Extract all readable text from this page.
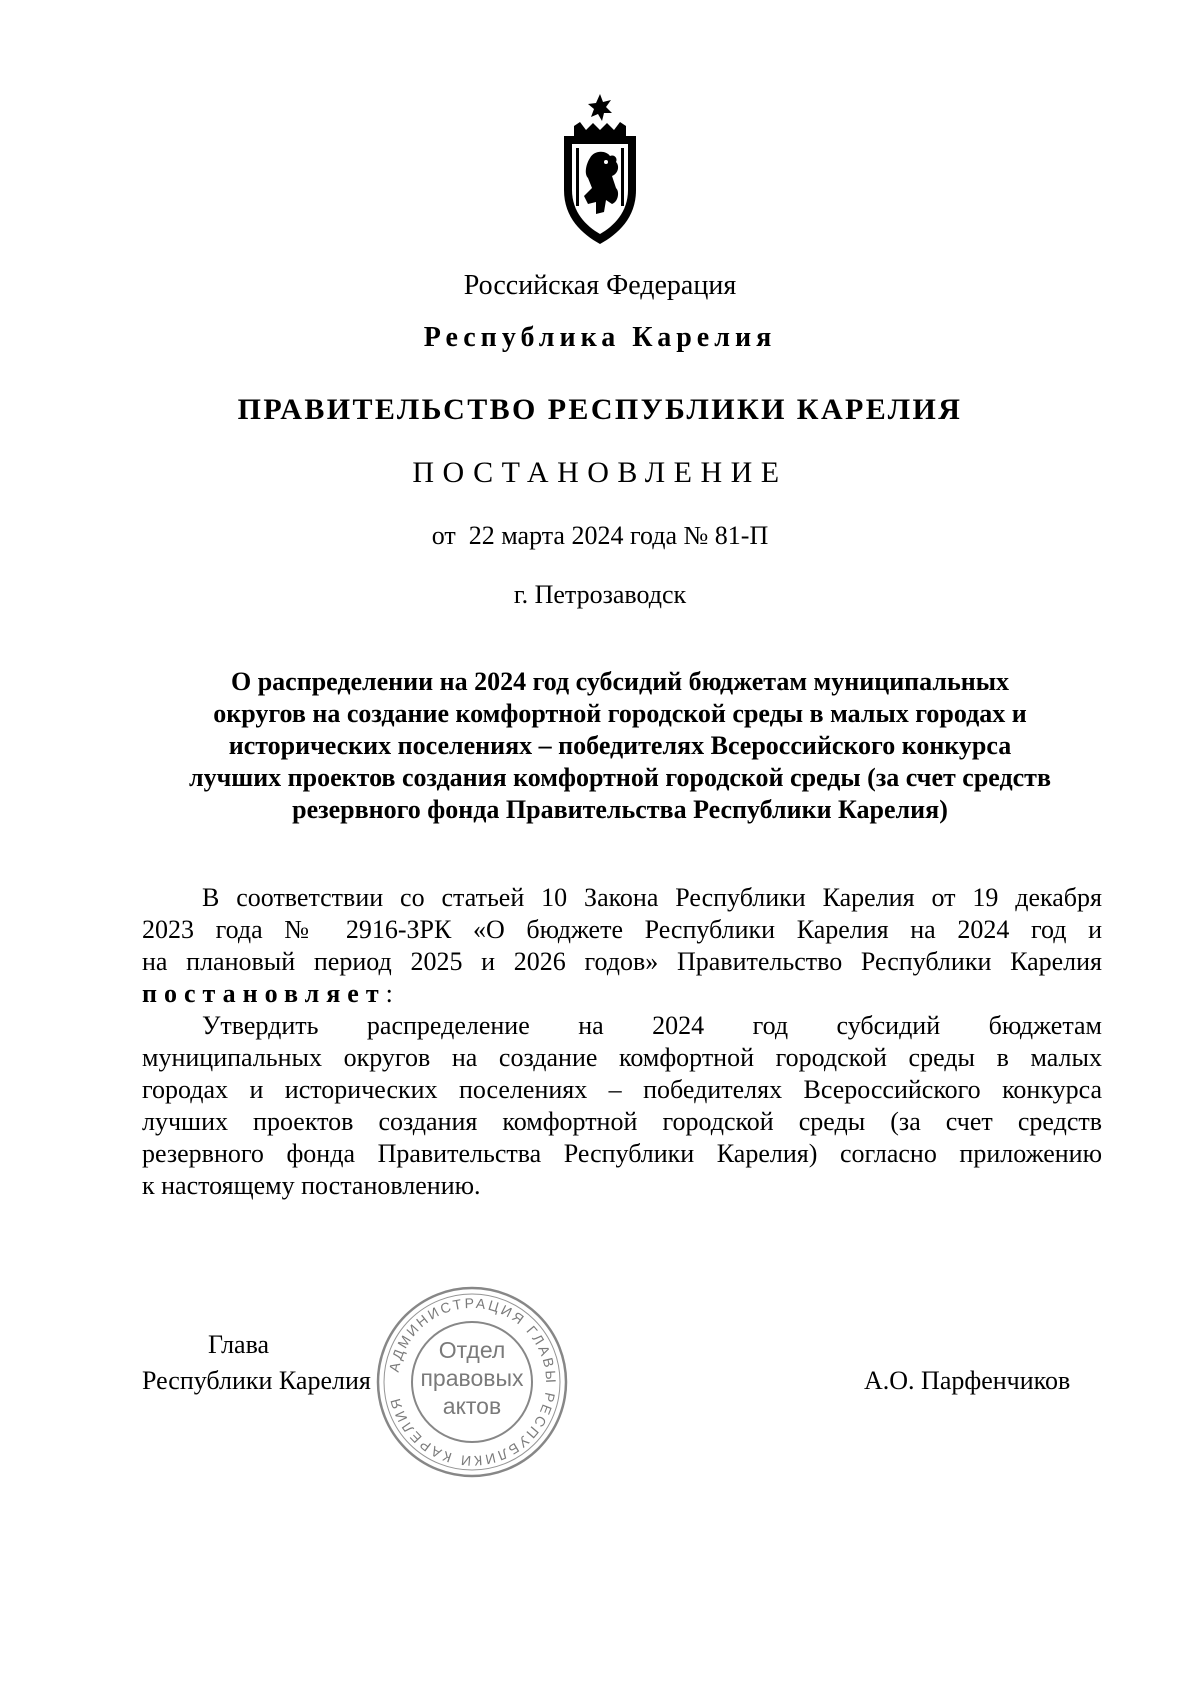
Российская Федерация
Республика Карелия
ПРАВИТЕЛЬСТВО РЕСПУБЛИКИ КАРЕЛИЯ
ПОСТАНОВЛЕНИЕ
от  22 марта 2024 года № 81-П
г. Петрозаводск
О распределении на 2024 год субсидий бюджетам муниципальных
округов на создание комфортной городской среды в малых городах и
исторических поселениях – победителях Всероссийского конкурса
лучших проектов создания комфортной городской среды (за счет средств
резервного фонда Правительства Республики Карелия)
В соответствии со статьей 10 Закона Республики Карелия от 19 декабря
2023 года № 2916-ЗРК «О бюджете Республики Карелия на 2024 год и
на плановый период 2025 и 2026 годов» Правительство Республики Карелия
постановляет:
Утвердить распределение на 2024 год субсидий бюджетам
муниципальных округов на создание комфортной городской среды в малых
городах и исторических поселениях – победителях Всероссийского конкурса
лучших проектов создания комфортной городской среды (за счет средств
резервного фонда Правительства Республики Карелия) согласно приложению
к настоящему постановлению.
Глава
Республики Карелия	А.О. Парфенчиков
АДМИНИСТРАЦИЯ ГЛАВЫ РЕСПУБЛИКИ КАРЕЛИЯ
Отдел
правовых
актов
